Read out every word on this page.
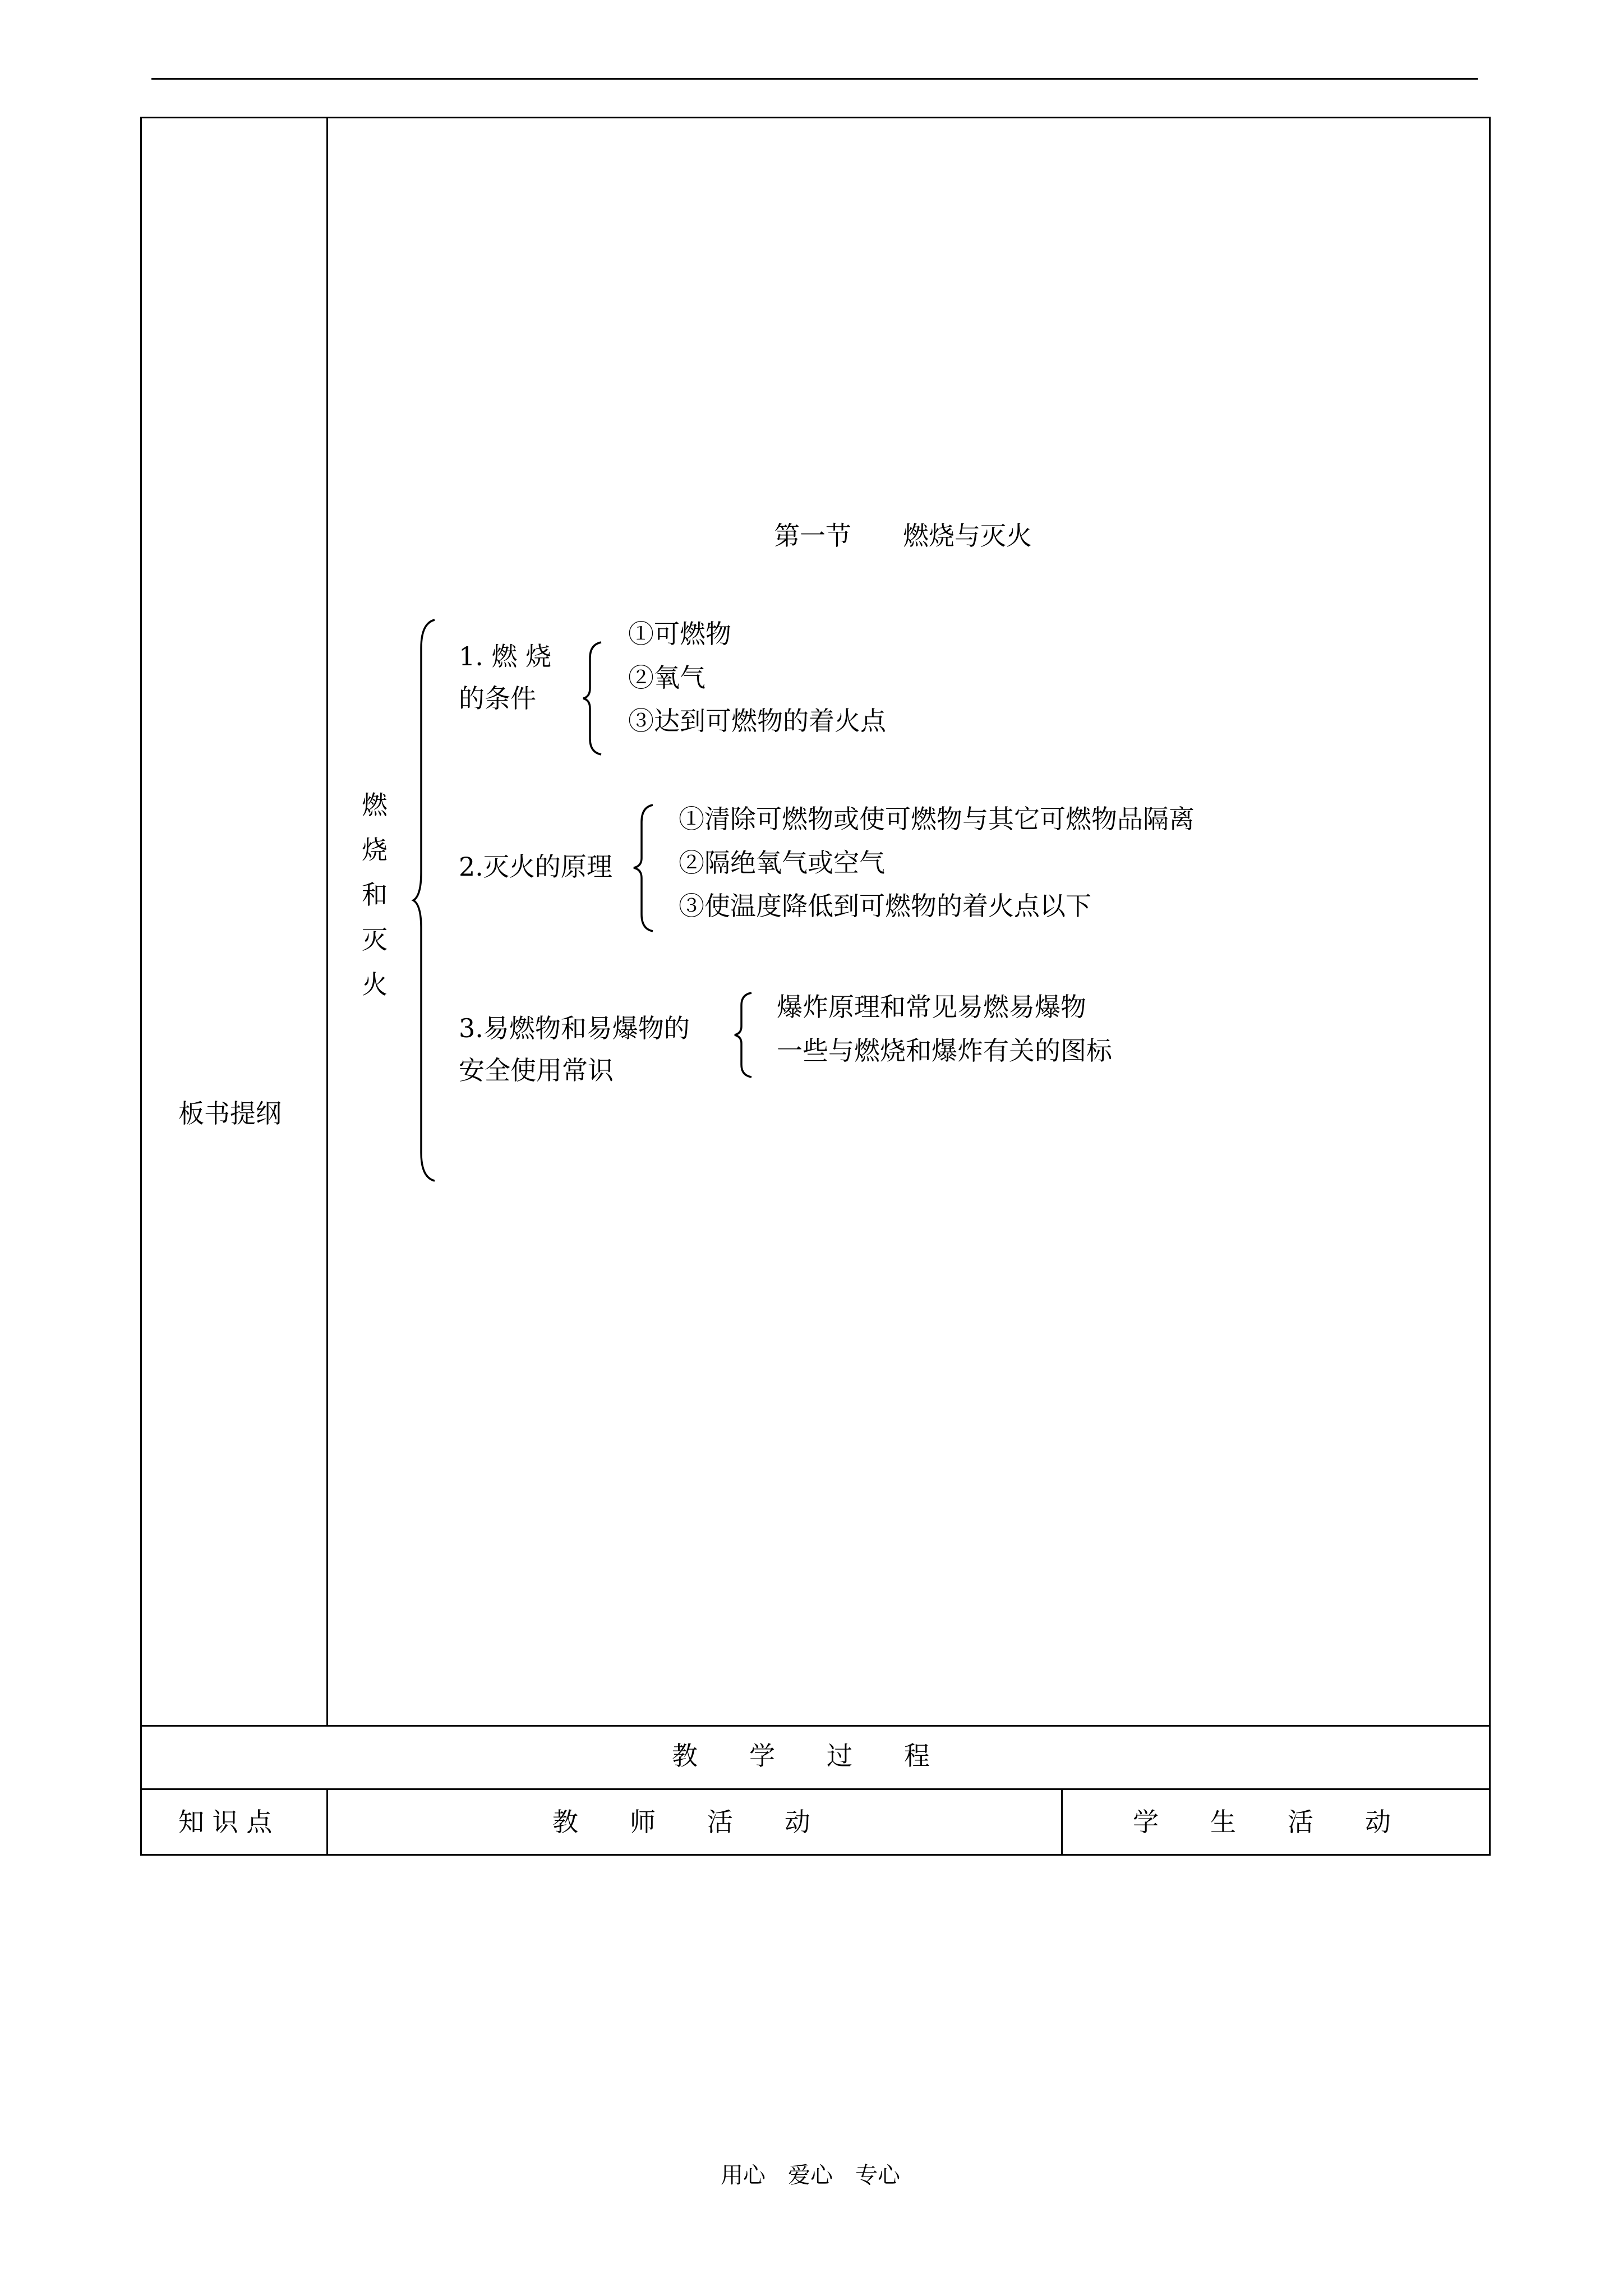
板书提纲
第一节　　燃烧与灭火
燃
烧
和
灭
火
1. 燃 烧
的条件
①可燃物
②氧气
③达到可燃物的着火点
2.灭火的原理
①清除可燃物或使可燃物与其它可燃物品隔离
②隔绝氧气或空气
③使温度降低到可燃物的着火点以下
3.易燃物和易爆物的
安全使用常识
爆炸原理和常见易燃易爆物
一些与燃烧和爆炸有关的图标
教　　学　　过　　程
知 识 点	教　　师　　活　　动	学　　生　　活　　动
用心　爱心　专心
